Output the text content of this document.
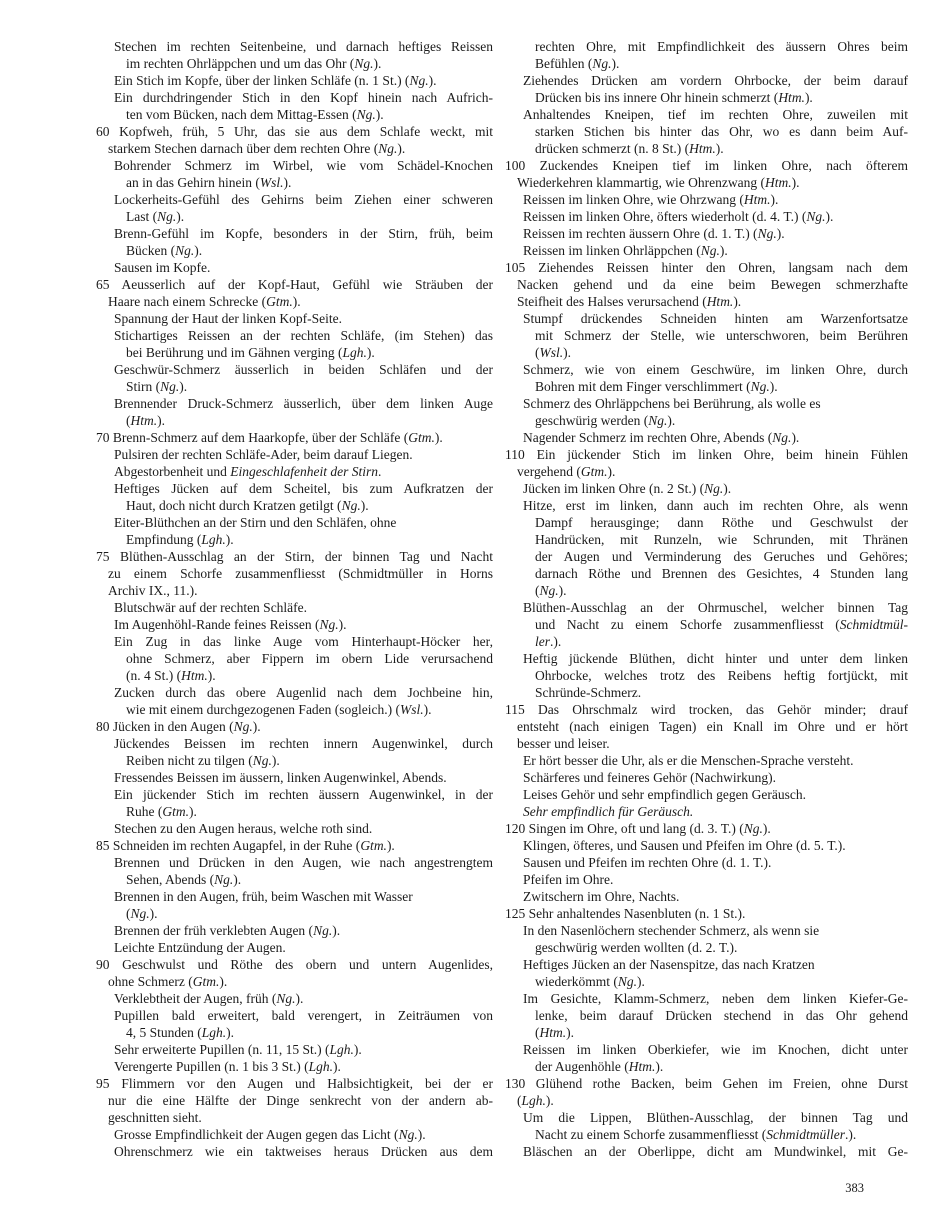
Stechen im rechten Seitenbeine, und darnach heftiges Reissen
im rechten Ohrläppchen und um das Ohr (Ng.).
Ein Stich im Kopfe, über der linken Schläfe (n. 1 St.) (Ng.).
Ein durchdringender Stich in den Kopf hinein nach Aufrich-
ten vom Bücken, nach dem Mittag-Essen (Ng.).
60 Kopfweh, früh, 5 Uhr, das sie aus dem Schlafe weckt, mit
starkem Stechen darnach über dem rechten Ohre (Ng.).
Bohrender Schmerz im Wirbel, wie vom Schädel-Knochen
an in das Gehirn hinein (Wsl.).
Lockerheits-Gefühl des Gehirns beim Ziehen einer schweren
Last (Ng.).
Brenn-Gefühl im Kopfe, besonders in der Stirn, früh, beim
Bücken (Ng.).
Sausen im Kopfe.
65 Aeusserlich auf der Kopf-Haut, Gefühl wie Sträuben der
Haare nach einem Schrecke (Gtm.).
Spannung der Haut der linken Kopf-Seite.
Stichartiges Reissen an der rechten Schläfe, (im Stehen) das
bei Berührung und im Gähnen verging (Lgh.).
Geschwür-Schmerz äusserlich in beiden Schläfen und der
Stirn (Ng.).
Brennender Druck-Schmerz äusserlich, über dem linken Auge
(Htm.).
70 Brenn-Schmerz auf dem Haarkopfe, über der Schläfe (Gtm.).
Pulsiren der rechten Schläfe-Ader, beim darauf Liegen.
Abgestorbenheit und Eingeschlafenheit der Stirn.
Heftiges Jücken auf dem Scheitel, bis zum Aufkratzen der
Haut, doch nicht durch Kratzen getilgt (Ng.).
Eiter-Blüthchen an der Stirn und den Schläfen, ohne
Empfindung (Lgh.).
75 Blüthen-Ausschlag an der Stirn, der binnen Tag und Nacht
zu einem Schorfe zusammenfliesst (Schmidtmüller in Horns
Archiv IX., 11.).
Blutschwär auf der rechten Schläfe.
Im Augenhöhl-Rande feines Reissen (Ng.).
Ein Zug in das linke Auge vom Hinterhaupt-Höcker her,
ohne Schmerz, aber Fippern im obern Lide verursachend
(n. 4 St.) (Htm.).
Zucken durch das obere Augenlid nach dem Jochbeine hin,
wie mit einem durchgezogenen Faden (sogleich.) (Wsl.).
80 Jücken in den Augen (Ng.).
Jückendes Beissen im rechten innern Augenwinkel, durch
Reiben nicht zu tilgen (Ng.).
Fressendes Beissen im äussern, linken Augenwinkel, Abends.
Ein jückender Stich im rechten äussern Augenwinkel, in der
Ruhe (Gtm.).
Stechen zu den Augen heraus, welche roth sind.
85 Schneiden im rechten Augapfel, in der Ruhe (Gtm.).
Brennen und Drücken in den Augen, wie nach angestrengtem
Sehen, Abends (Ng.).
Brennen in den Augen, früh, beim Waschen mit Wasser
(Ng.).
Brennen der früh verklebten Augen (Ng.).
Leichte Entzündung der Augen.
90 Geschwulst und Röthe des obern und untern Augenlides,
ohne Schmerz (Gtm.).
Verklebtheit der Augen, früh (Ng.).
Pupillen bald erweitert, bald verengert, in Zeiträumen von
4, 5 Stunden (Lgh.).
Sehr erweiterte Pupillen (n. 11, 15 St.) (Lgh.).
Verengerte Pupillen (n. 1 bis 3 St.) (Lgh.).
95 Flimmern vor den Augen und Halbsichtigkeit, bei der er
nur die eine Hälfte der Dinge senkrecht von der andern ab-
geschnitten sieht.
Grosse Empfindlichkeit der Augen gegen das Licht (Ng.).
Ohrenschmerz wie ein taktweises heraus Drücken aus dem
rechten Ohre, mit Empfindlichkeit des äussern Ohres beim
Befühlen (Ng.).
Ziehendes Drücken am vordern Ohrbocke, der beim darauf
Drücken bis ins innere Ohr hinein schmerzt (Htm.).
Anhaltendes Kneipen, tief im rechten Ohre, zuweilen mit
starken Stichen bis hinter das Ohr, wo es dann beim Auf-
drücken schmerzt (n. 8 St.) (Htm.).
100 Zuckendes Kneipen tief im linken Ohre, nach öfterem
Wiederkehren klammartig, wie Ohrenzwang (Htm.).
Reissen im linken Ohre, wie Ohrzwang (Htm.).
Reissen im linken Ohre, öfters wiederholt (d. 4. T.) (Ng.).
Reissen im rechten äussern Ohre (d. 1. T.) (Ng.).
Reissen im linken Ohrläppchen (Ng.).
105 Ziehendes Reissen hinter den Ohren, langsam nach dem
Nacken gehend und da eine beim Bewegen schmerzhafte
Steifheit des Halses verursachend (Htm.).
Stumpf drückendes Schneiden hinten am Warzenfortsatze
mit Schmerz der Stelle, wie unterschworen, beim Berühren
(Wsl.).
Schmerz, wie von einem Geschwüre, im linken Ohre, durch
Bohren mit dem Finger verschlimmert (Ng.).
Schmerz des Ohrläppchens bei Berührung, als wolle es
geschwürig werden (Ng.).
Nagender Schmerz im rechten Ohre, Abends (Ng.).
110 Ein jückender Stich im linken Ohre, beim hinein Fühlen
vergehend (Gtm.).
Jücken im linken Ohre (n. 2 St.) (Ng.).
Hitze, erst im linken, dann auch im rechten Ohre, als wenn
Dampf herausginge; dann Röthe und Geschwulst der
Handrücken, mit Runzeln, wie Schrunden, mit Thränen
der Augen und Verminderung des Geruches und Gehöres;
darnach Röthe und Brennen des Gesichtes, 4 Stunden lang
(Ng.).
Blüthen-Ausschlag an der Ohrmuschel, welcher binnen Tag
und Nacht zu einem Schorfe zusammenfliesst (Schmidtmül-
ler.).
Heftig jückende Blüthen, dicht hinter und unter dem linken
Ohrbocke, welches trotz des Reibens heftig fortjückt, mit
Schründe-Schmerz.
115 Das Ohrschmalz wird trocken, das Gehör minder; drauf
entsteht (nach einigen Tagen) ein Knall im Ohre und er hört
besser und leiser.
Er hört besser die Uhr, als er die Menschen-Sprache versteht.
Schärferes und feineres Gehör (Nachwirkung).
Leises Gehör und sehr empfindlich gegen Geräusch.
Sehr empfindlich für Geräusch.
120 Singen im Ohre, oft und lang (d. 3. T.) (Ng.).
Klingen, öfteres, und Sausen und Pfeifen im Ohre (d. 5. T.).
Sausen und Pfeifen im rechten Ohre (d. 1. T.).
Pfeifen im Ohre.
Zwitschern im Ohre, Nachts.
125 Sehr anhaltendes Nasenbluten (n. 1 St.).
In den Nasenlöchern stechender Schmerz, als wenn sie
geschwürig werden wollten (d. 2. T.).
Heftiges Jücken an der Nasenspitze, das nach Kratzen
wiederkömmt (Ng.).
Im Gesichte, Klamm-Schmerz, neben dem linken Kiefer-Ge-
lenke, beim darauf Drücken stechend in das Ohr gehend
(Htm.).
Reissen im linken Oberkiefer, wie im Knochen, dicht unter
der Augenhöhle (Htm.).
130 Glühend rothe Backen, beim Gehen im Freien, ohne Durst
(Lgh.).
Um die Lippen, Blüthen-Ausschlag, der binnen Tag und
Nacht zu einem Schorfe zusammenfliesst (Schmidtmüller.).
Bläschen an der Oberlippe, dicht am Mundwinkel, mit Ge-
383
